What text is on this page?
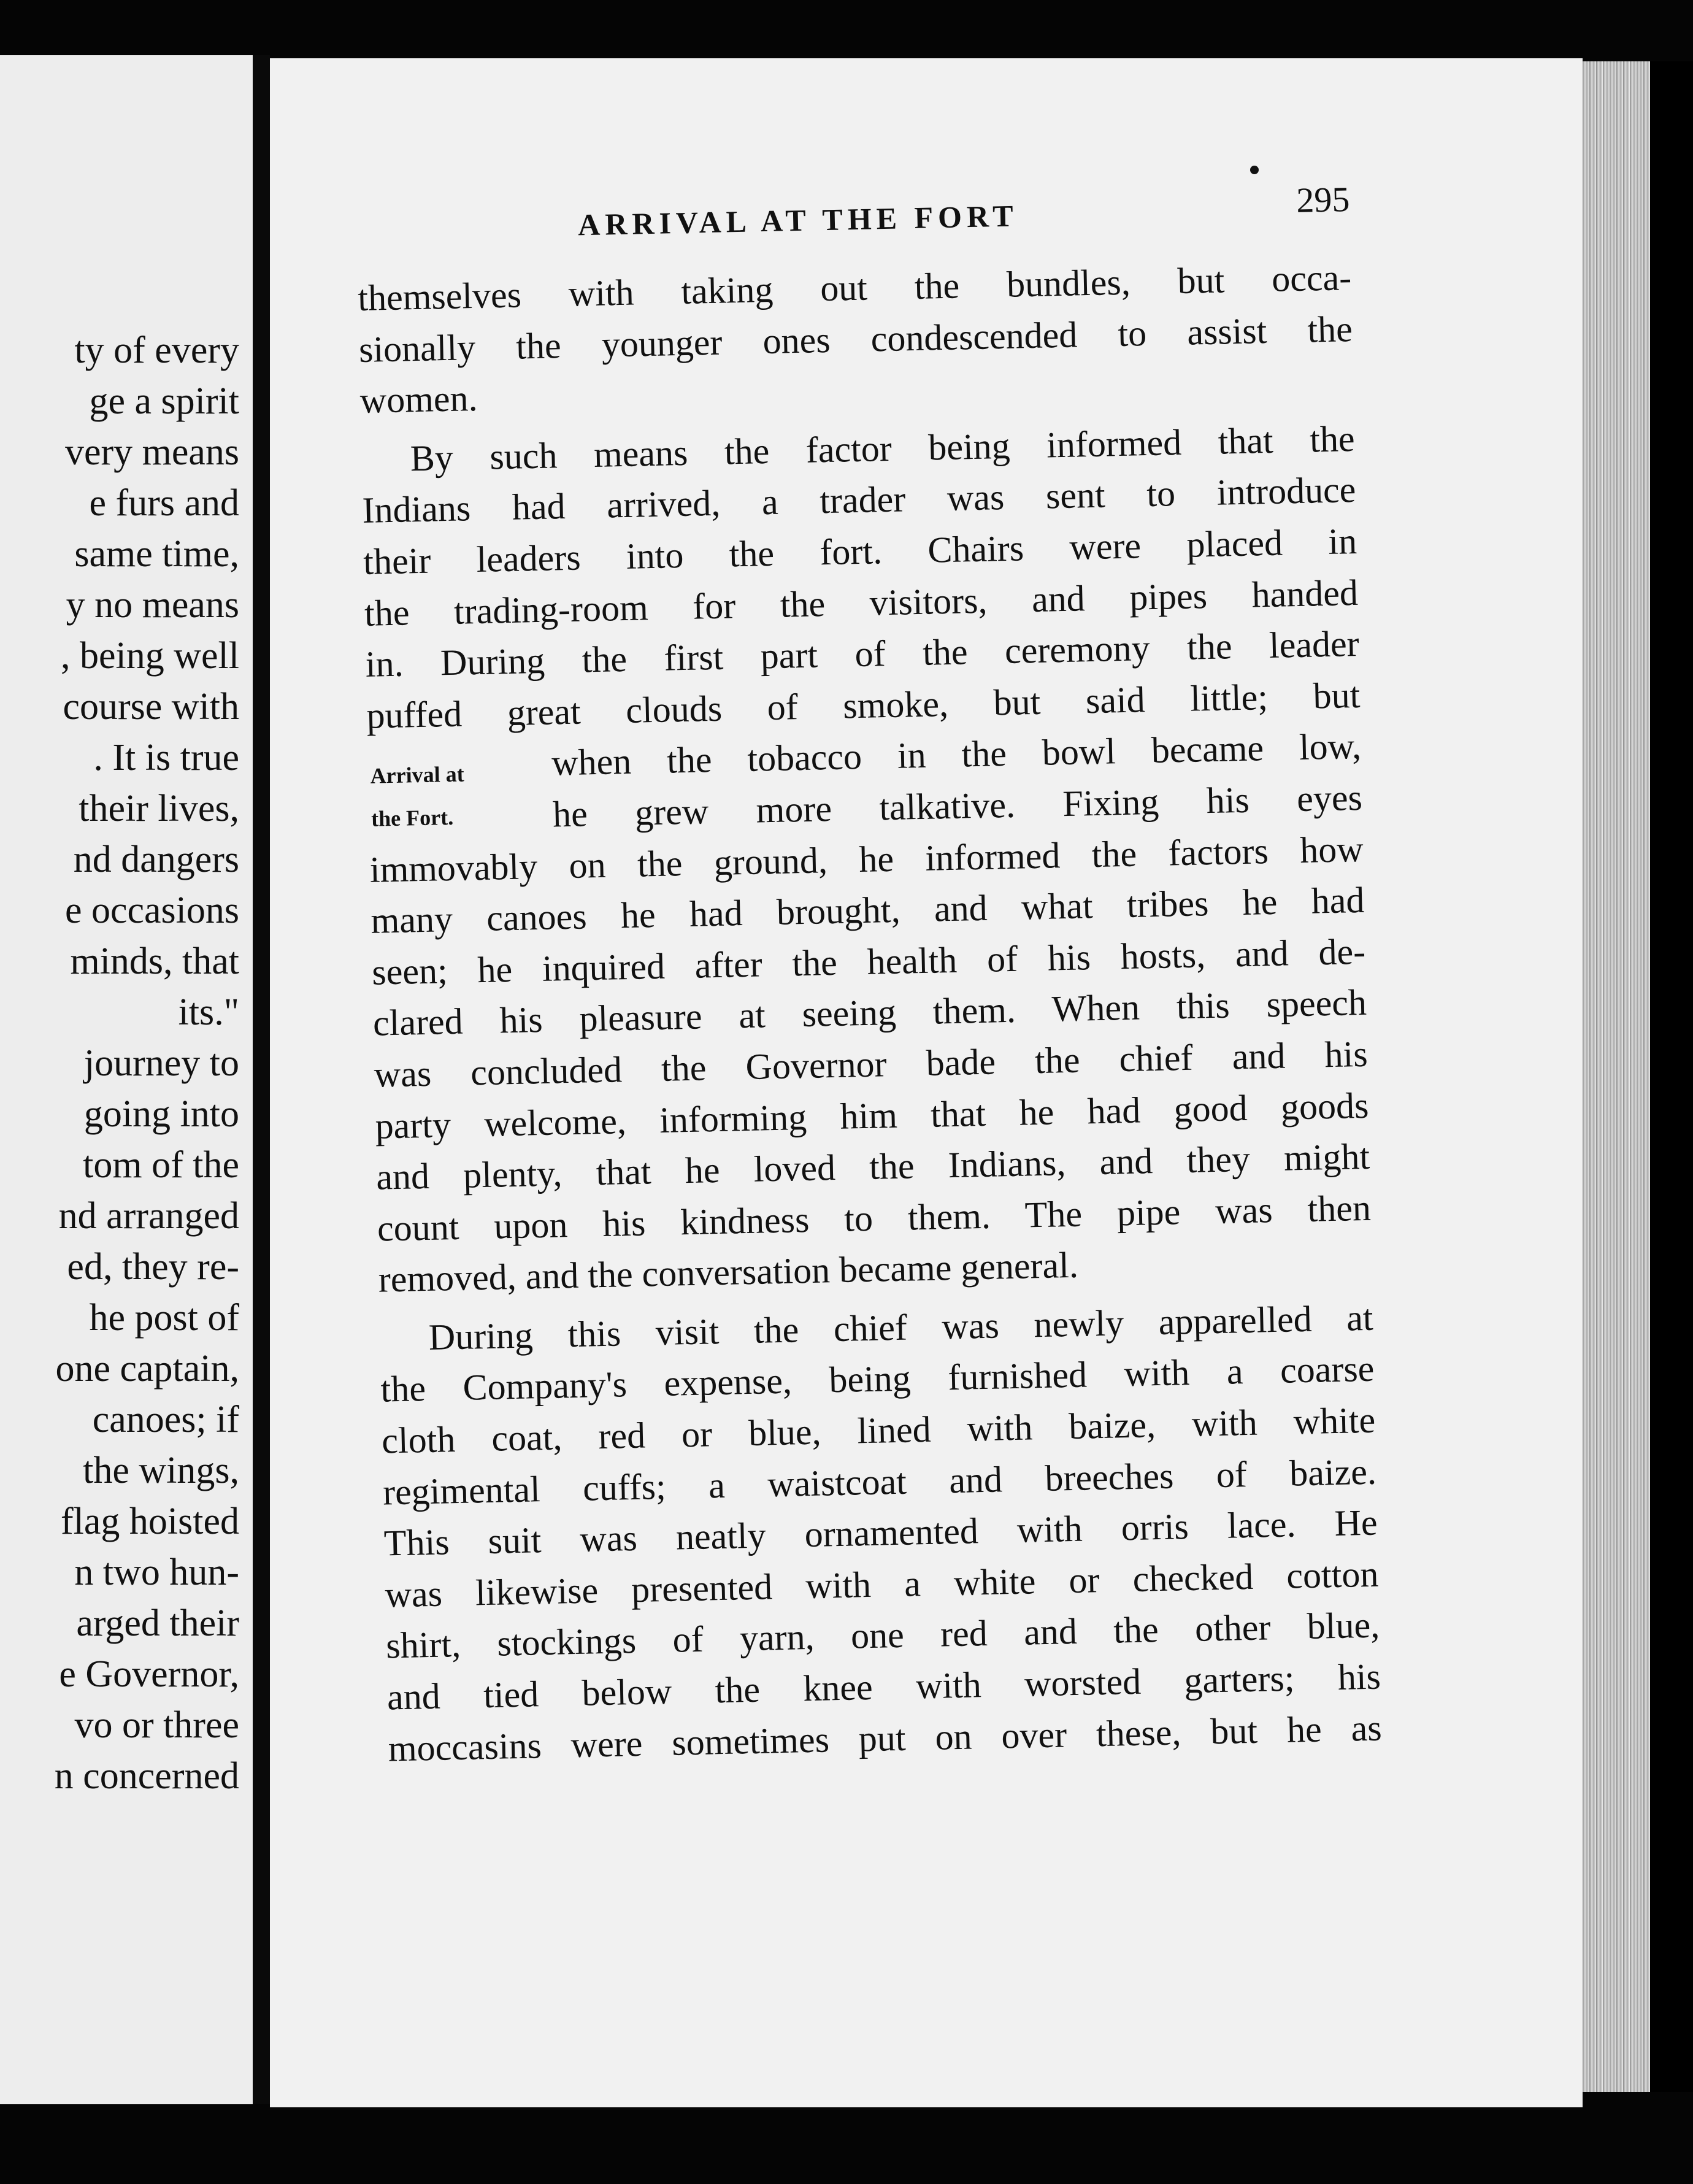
ty of every
ge a spirit
very means
e furs and
same time,
y no means
, being well
course with
. It is true
their lives,
nd dangers
e occasions
minds, that
its."
journey to
going into
tom of the
nd arranged
ed, they re-
he post of
one captain,
canoes; if
the wings,
flag hoisted
n two hun-
arged their
e Governor,
vo or three
n concerned
ARRIVAL AT THE FORT	295
Arrival at
the Fort.
themselves with taking out the bundles, but occa-
sionally the younger ones condescended to assist the
women.
By such means the factor being informed that the
Indians had arrived, a trader was sent to introduce
their leaders into the fort. Chairs were placed in
the trading-room for the visitors, and pipes handed
in. During the first part of the ceremony the leader
puffed great clouds of smoke, but said little; but
when the tobacco in the bowl became low,
he grew more talkative. Fixing his eyes
immovably on the ground, he informed the factors how
many canoes he had brought, and what tribes he had
seen; he inquired after the health of his hosts, and de-
clared his pleasure at seeing them. When this speech
was concluded the Governor bade the chief and his
party welcome, informing him that he had good goods
and plenty, that he loved the Indians, and they might
count upon his kindness to them. The pipe was then
removed, and the conversation became general.
During this visit the chief was newly apparelled at
the Company's expense, being furnished with a coarse
cloth coat, red or blue, lined with baize, with white
regimental cuffs; a waistcoat and breeches of baize.
This suit was neatly ornamented with orris lace. He
was likewise presented with a white or checked cotton
shirt, stockings of yarn, one red and the other blue,
and tied below the knee with worsted garters; his
moccasins were sometimes put on over these, but he as
